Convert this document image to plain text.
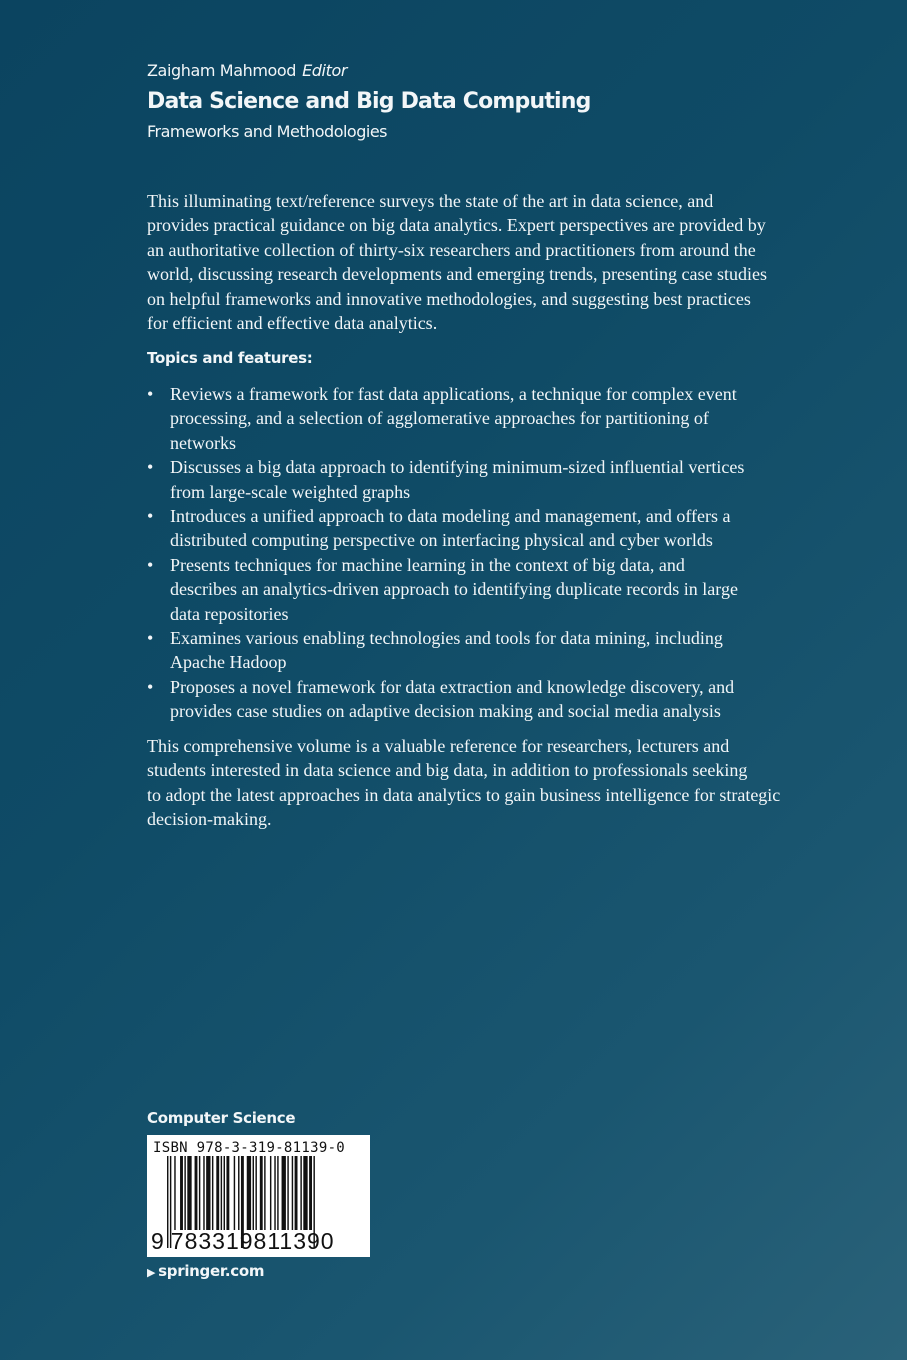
Zaigham Mahmood Editor
Data Science and Big Data Computing
Frameworks and Methodologies
This illuminating text/reference surveys the state of the art in data science, and
provides practical guidance on big data analytics. Expert perspectives are provided by
an authoritative collection of thirty-six researchers and practitioners from around the
world, discussing research developments and emerging trends, presenting case studies
on helpful frameworks and innovative methodologies, and suggesting best practices
for efficient and effective data analytics.
Topics and features:
• Reviews a framework for fast data applications, a technique for complex event
processing, and a selection of agglomerative approaches for partitioning of
networks
• Discusses a big data approach to identifying minimum-sized influential vertices
from large-scale weighted graphs
• Introduces a unified approach to data modeling and management, and offers a
distributed computing perspective on interfacing physical and cyber worlds
• Presents techniques for machine learning in the context of big data, and
describes an analytics-driven approach to identifying duplicate records in large
data repositories
• Examines various enabling technologies and tools for data mining, including
Apache Hadoop
• Proposes a novel framework for data extraction and knowledge discovery, and
provides case studies on adaptive decision making and social media analysis
This comprehensive volume is a valuable reference for researchers, lecturers and
students interested in data science and big data, in addition to professionals seeking
to adopt the latest approaches in data analytics to gain business intelligence for strategic
decision-making.
Computer Science
ISBN 978-3-319-81139-0
9 783319811390
▶ springer.com
